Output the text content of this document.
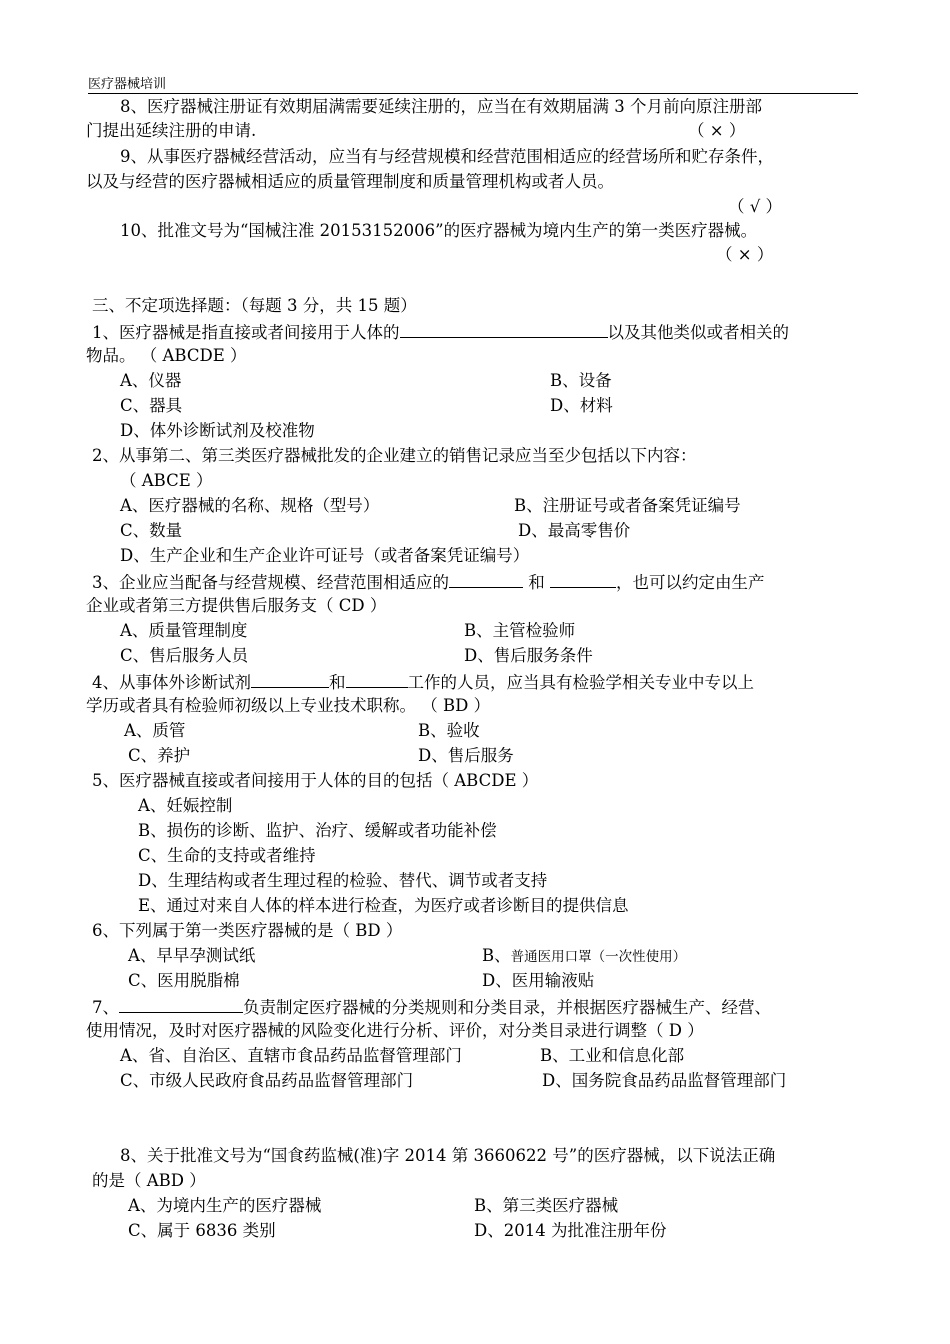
医疗器械培训
8、医疗器械注册证有效期届满需要延续注册的，应当在有效期届满 3 个月前向原注册部
门提出延续注册的申请.	（ × ）
9、从事医疗器械经营活动，应当有与经营规模和经营范围相适应的经营场所和贮存条件，
以及与经营的医疗器械相适应的质量管理制度和质量管理机构或者人员。
（ √ ）
10、批准文号为“国械注准 20153152006”的医疗器械为境内生产的第一类医疗器械。
（ × ）
三、不定项选择题：（每题 3 分，共 15 题）
1、医疗器械是指直接或者间接用于人体的	以及其他类似或者相关的
物品。 （ ABCDE ）
A、仪器	B、设备
C、器具	D、材料
D、体外诊断试剂及校准物
2、从事第二、第三类医疗器械批发的企业建立的销售记录应当至少包括以下内容：
（ ABCE ）
A、医疗器械的名称、规格（型号）	B、注册证号或者备案凭证编号
C、数量	D、最高零售价
D、生产企业和生产企业许可证号（或者备案凭证编号）
3、企业应当配备与经营规模、经营范围相适应的	和	，也可以约定由生产
企业或者第三方提供售后服务支（ CD ）
A、质量管理制度	B、主管检验师
C、售后服务人员	D、售后服务条件
4、从事体外诊断试剂	和	工作的人员，应当具有检验学相关专业中专以上
学历或者具有检验师初级以上专业技术职称。 （ BD ）
A、质管	B、验收
C、养护	D、售后服务
5、医疗器械直接或者间接用于人体的目的包括（ ABCDE ）
A、妊娠控制
B、损伤的诊断、监护、治疗、缓解或者功能补偿
C、生命的支持或者维持
D、生理结构或者生理过程的检验、替代、调节或者支持
E、通过对来自人体的样本进行检查，为医疗或者诊断目的提供信息
6、下列属于第一类医疗器械的是（ BD ）
A、早早孕测试纸	B、普通医用口罩（一次性使用）
C、医用脱脂棉	D、医用输液贴
7、	负责制定医疗器械的分类规则和分类目录，并根据医疗器械生产、经营、
使用情况，及时对医疗器械的风险变化进行分析、评价，对分类目录进行调整（ D ）
A、省、自治区、直辖市食品药品监督管理部门	B、工业和信息化部
C、市级人民政府食品药品监督管理部门	D、国务院食品药品监督管理部门
8、关于批准文号为“国食药监械(准)字 2014 第 3660622 号”的医疗器械，以下说法正确
的是（ ABD ）
A、为境内生产的医疗器械	B、第三类医疗器械
C、属于 6836 类别	D、2014 为批准注册年份
